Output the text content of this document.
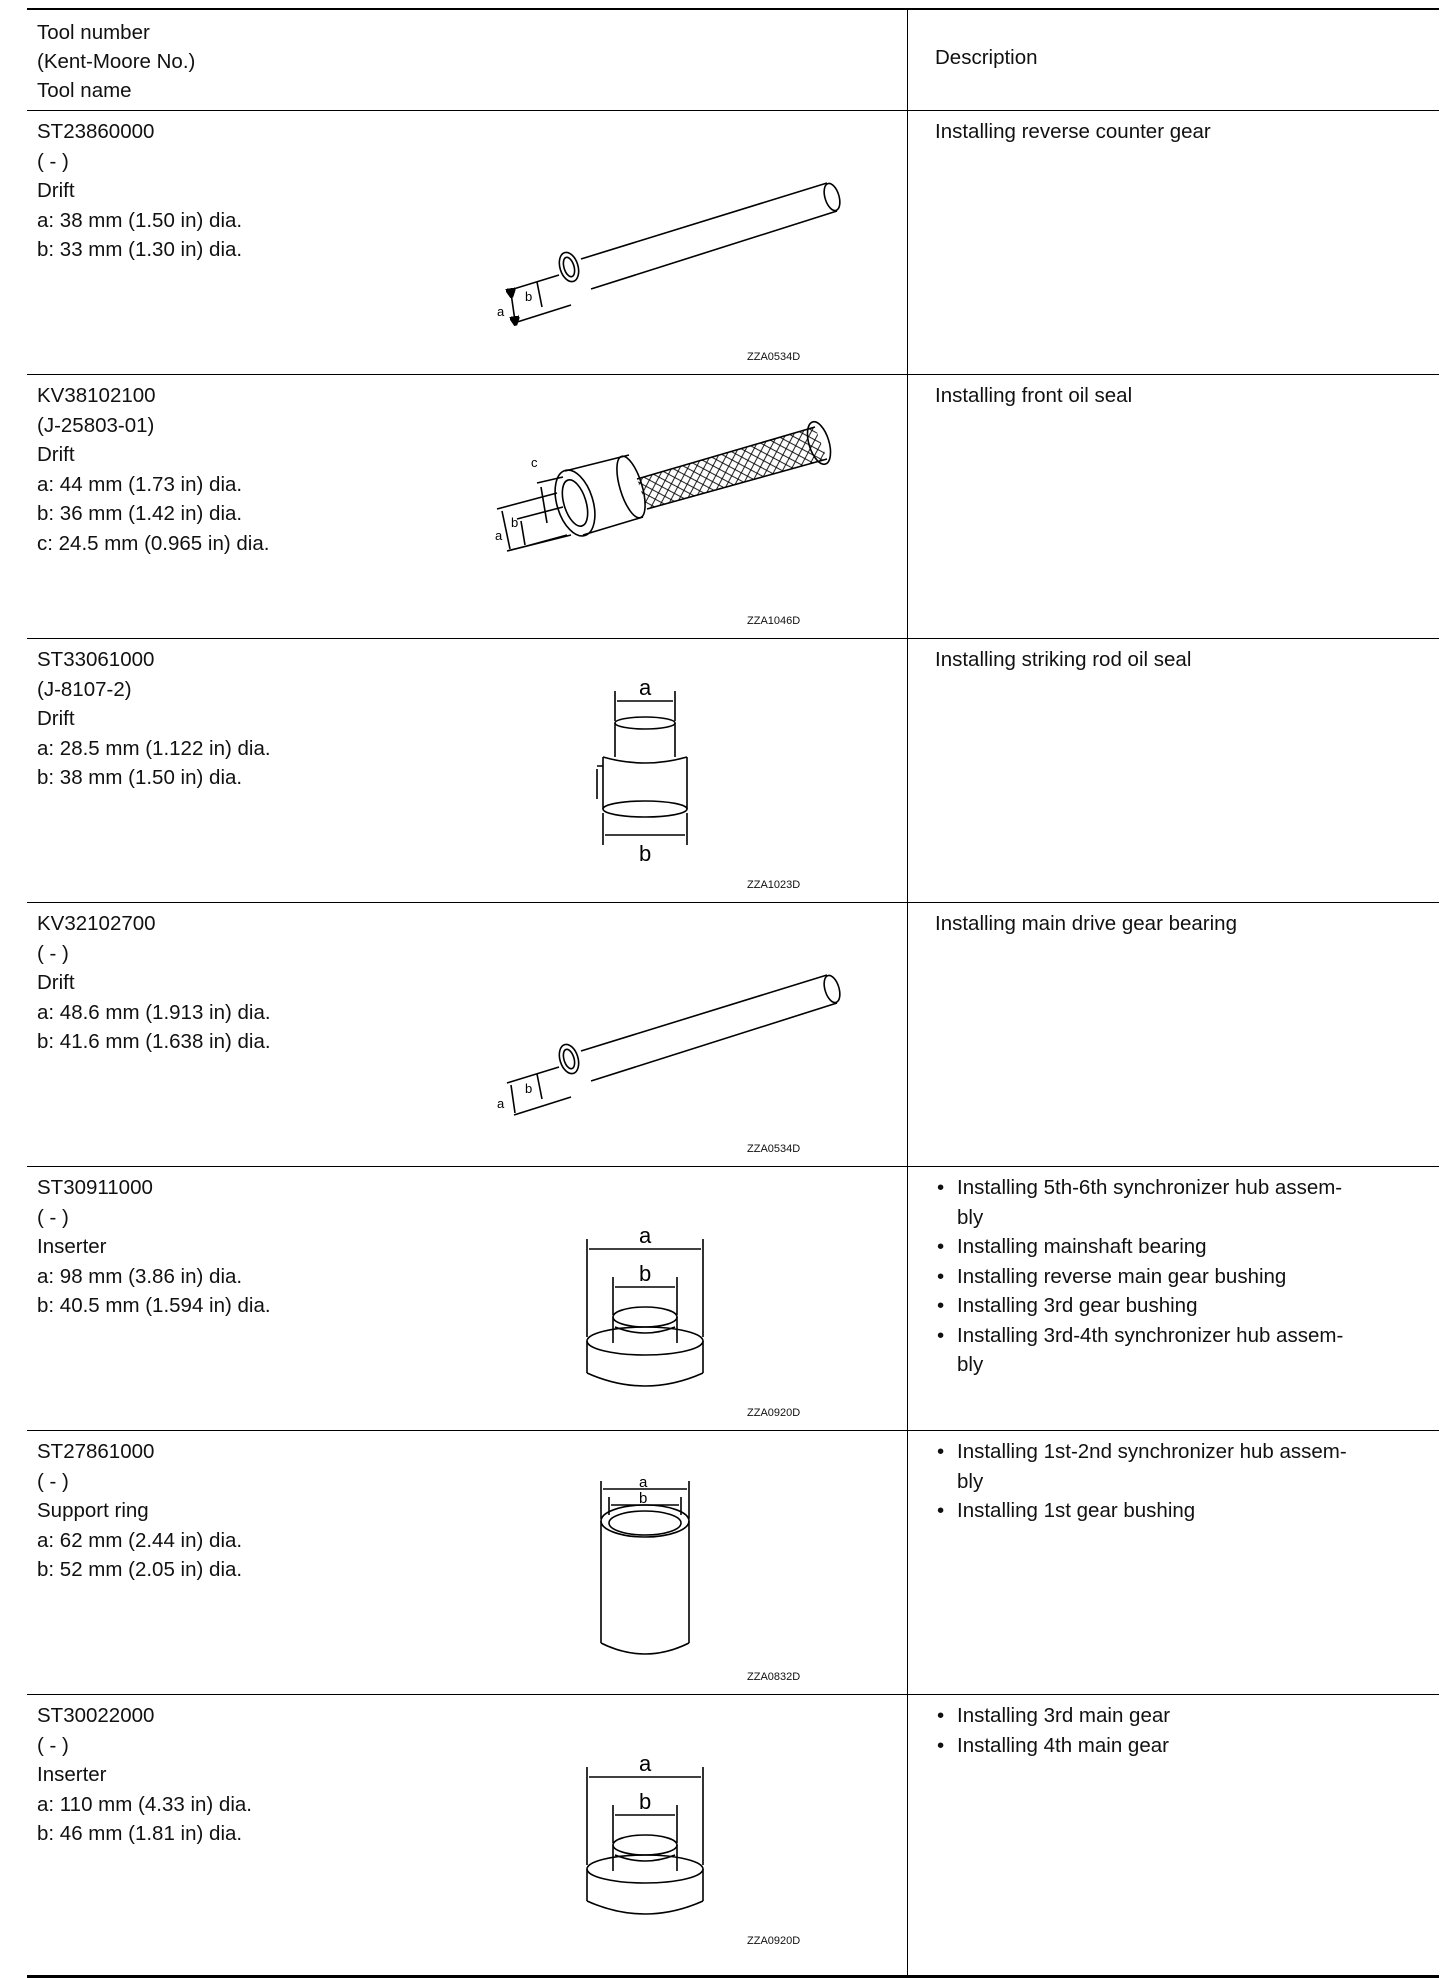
Tool number
(Kent-Moore No.)
Tool name
Description
ST23860000
( - )
Drift
a: 38 mm (1.50 in) dia.
b: 33 mm (1.30 in) dia.
a
b
ZZA0534D
Installing reverse counter gear
KV38102100
(J-25803-01)
Drift
a: 44 mm (1.73 in) dia.
b: 36 mm (1.42 in) dia.
c: 24.5 mm (0.965 in) dia.	a
b
c
ZZA1046D
Installing front oil seal
ST33061000
(J-8107-2)
Drift
a: 28.5 mm (1.122 in) dia.
b: 38 mm (1.50 in) dia.
a
b
ZZA1023D
Installing striking rod oil seal
KV32102700
( - )
Drift
a: 48.6 mm (1.913 in) dia.
b: 41.6 mm (1.638 in) dia.
a
b
ZZA0534D
Installing main drive gear bearing
ST30911000
( - )
Inserter
a: 98 mm (3.86 in) dia.
b: 40.5 mm (1.594 in) dia.
a
b
ZZA0920D
• Installing 5th-6th synchronizer hub assem-
bly
• Installing mainshaft bearing
• Installing reverse main gear bushing
• Installing 3rd gear bushing
• Installing 3rd-4th synchronizer hub assem-
bly
ST27861000
( - )
Support ring
a: 62 mm (2.44 in) dia.
b: 52 mm (2.05 in) dia.
a
b
ZZA0832D
• Installing 1st-2nd synchronizer hub assem-
bly
• Installing 1st gear bushing
ST30022000
( - )
Inserter
a: 110 mm (4.33 in) dia.
b: 46 mm (1.81 in) dia.
a
b
ZZA0920D
• Installing 3rd main gear
• Installing 4th main gear
